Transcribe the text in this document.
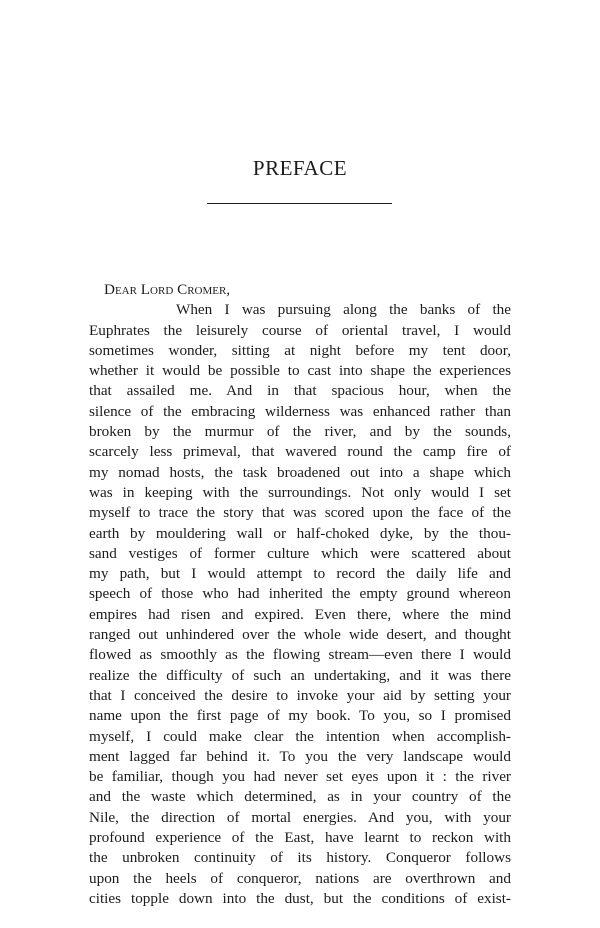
PREFACE
Dear Lord Cromer,
When I was pursuing along the banks of the
Euphrates the leisurely course of oriental travel, I would
sometimes wonder, sitting at night before my tent door,
whether it would be possible to cast into shape the experiences
that assailed me. And in that spacious hour, when the
silence of the embracing wilderness was enhanced rather than
broken by the murmur of the river, and by the sounds,
scarcely less primeval, that wavered round the camp fire of
my nomad hosts, the task broadened out into a shape which
was in keeping with the surroundings. Not only would I set
myself to trace the story that was scored upon the face of the
earth by mouldering wall or half-choked dyke, by the thou-
sand vestiges of former culture which were scattered about
my path, but I would attempt to record the daily life and
speech of those who had inherited the empty ground whereon
empires had risen and expired. Even there, where the mind
ranged out unhindered over the whole wide desert, and thought
flowed as smoothly as the flowing stream—even there I would
realize the difficulty of such an undertaking, and it was there
that I conceived the desire to invoke your aid by setting your
name upon the first page of my book. To you, so I promised
myself, I could make clear the intention when accomplish-
ment lagged far behind it. To you the very landscape would
be familiar, though you had never set eyes upon it : the river
and the waste which determined, as in your country of the
Nile, the direction of mortal energies. And you, with your
profound experience of the East, have learnt to reckon with
the unbroken continuity of its history. Conqueror follows
upon the heels of conqueror, nations are overthrown and
cities topple down into the dust, but the conditions of exist-
